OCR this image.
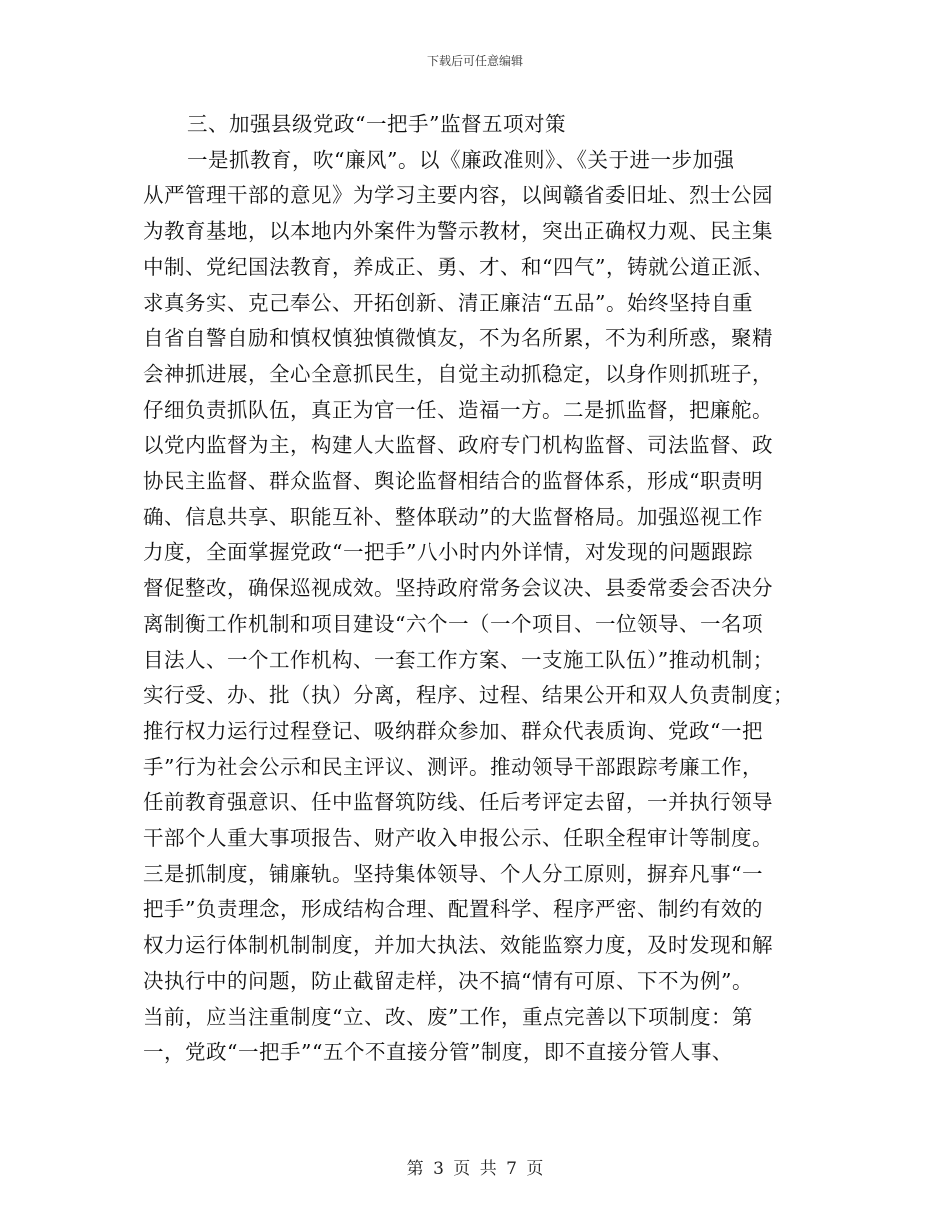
下载后可任意编辑
三、加强县级党政“一把手”监督五项对策
一是抓教育，吹“廉风”。以《廉政准则》、《关于进一步加强
从严管理干部的意见》为学习主要内容，以闽赣省委旧址、烈士公园
为教育基地，以本地内外案件为警示教材，突出正确权力观、民主集
中制、党纪国法教育，养成正、勇、才、和“四气”，铸就公道正派、
求真务实、克己奉公、开拓创新、清正廉洁“五品”。始终坚持自重
自省自警自励和慎权慎独慎微慎友，不为名所累，不为利所惑，聚精
会神抓进展，全心全意抓民生，自觉主动抓稳定，以身作则抓班子，
仔细负责抓队伍，真正为官一任、造福一方。二是抓监督，把廉舵。
以党内监督为主，构建人大监督、政府专门机构监督、司法监督、政
协民主监督、群众监督、舆论监督相结合的监督体系，形成“职责明
确、信息共享、职能互补、整体联动”的大监督格局。加强巡视工作
力度，全面掌握党政“一把手”八小时内外详情，对发现的问题跟踪
督促整改，确保巡视成效。坚持政府常务会议决、县委常委会否决分
离制衡工作机制和项目建设“六个一（一个项目、一位领导、一名项
目法人、一个工作机构、一套工作方案、一支施工队伍）”推动机制；
实行受、办、批（执）分离，程序、过程、结果公开和双人负责制度；
推行权力运行过程登记、吸纳群众参加、群众代表质询、党政“一把
手”行为社会公示和民主评议、测评。推动领导干部跟踪考廉工作，
任前教育强意识、任中监督筑防线、任后考评定去留，一并执行领导
干部个人重大事项报告、财产收入申报公示、任职全程审计等制度。
三是抓制度，铺廉轨。坚持集体领导、个人分工原则，摒弃凡事“一
把手”负责理念，形成结构合理、配置科学、程序严密、制约有效的
权力运行体制机制制度，并加大执法、效能监察力度，及时发现和解
决执行中的问题，防止截留走样，决不搞“情有可原、下不为例”。
当前，应当注重制度“立、改、废”工作，重点完善以下项制度：第
一，党政“一把手”“五个不直接分管”制度，即不直接分管人事、
第 3 页 共 7 页
